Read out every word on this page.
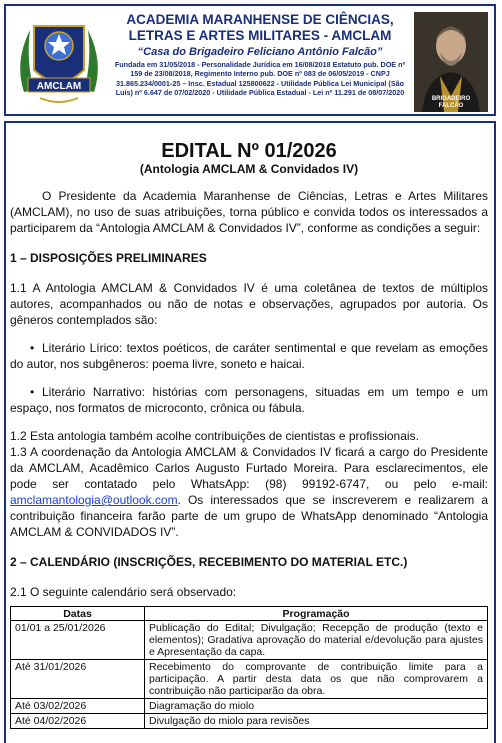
AMCLAM
ACADEMIA MARANHENSE DE CIÊNCIAS,
LETRAS E ARTES MILITARES - AMCLAM
“Casa do Brigadeiro Feliciano Antônio Falcão”
Fundada em 31/05/2018 - Personalidade Jurídica em 16/08/2018 Estatuto pub. DOE nº 159 de 23/08/2018, Regimento Interno pub. DOE nº 083 de 06/05/2019 - CNPJ 31.865.234/0001-25 – Insc. Estadual 125800622 - Utilidade Pública Lei Municipal (São Luís) nº 6.647 de 07/02/2020 - Utilidade Pública Estadual - Lei nº 11.291 de 08/07/2020
BRIGADEIRO
FALCÃO
EDITAL Nº 01/2026
(Antologia AMCLAM & Convidados IV)

O Presidente da Academia Maranhense de Ciências, Letras e Artes Militares (AMCLAM), no uso de suas atribuições, torna público e convida todos os interessados a participarem da “Antologia AMCLAM & Convidados IV”, conforme as condições a seguir:

1 – DISPOSIÇÕES PRELIMINARES

1.1 A Antologia AMCLAM & Convidados IV é uma coletânea de textos de múltiplos autores, acompanhados ou não de notas e observações, agrupados por autoria. Os gêneros contemplados são:

• Literário Lírico: textos poéticos, de caráter sentimental e que revelam as emoções do autor, nos subgêneros: poema livre, soneto e haicai.

• Literário Narrativo: histórias com personagens, situadas em um tempo e um espaço, nos formatos de microconto, crônica ou fábula.

1.2 Esta antologia também acolhe contribuições de cientistas e profissionais.

1.3 A coordenação da Antologia AMCLAM & Convidados IV ficará a cargo do Presidente da AMCLAM, Acadêmico Carlos Augusto Furtado Moreira. Para esclarecimentos, ele pode ser contatado pelo WhatsApp: (98) 99192-6747, ou pelo e-mail: amclamantologia@outlook.com. Os interessados que se inscreverem e realizarem a contribuição financeira farão parte de um grupo de WhatsApp denominado “Antologia AMCLAM & CONVIDADOS IV”.

2 – CALENDÁRIO (INSCRIÇÕES, RECEBIMENTO DO MATERIAL ETC.)

2.1 O seguinte calendário será observado:

Datas	Programação
01/01 a 25/01/2026	Publicação do Edital; Divulgação; Recepção de produção (texto e elementos); Gradativa aprovação do material e/devolução para ajustes e Apresentação da capa.
Até 31/01/2026	Recebimento do comprovante de contribuição limite para a participação. A partir desta data os que não comprovarem a contribuição não participarão da obra.
Até 03/02/2026	Diagramação do miolo
Até 04/02/2026	Divulgação do miolo para revisões
